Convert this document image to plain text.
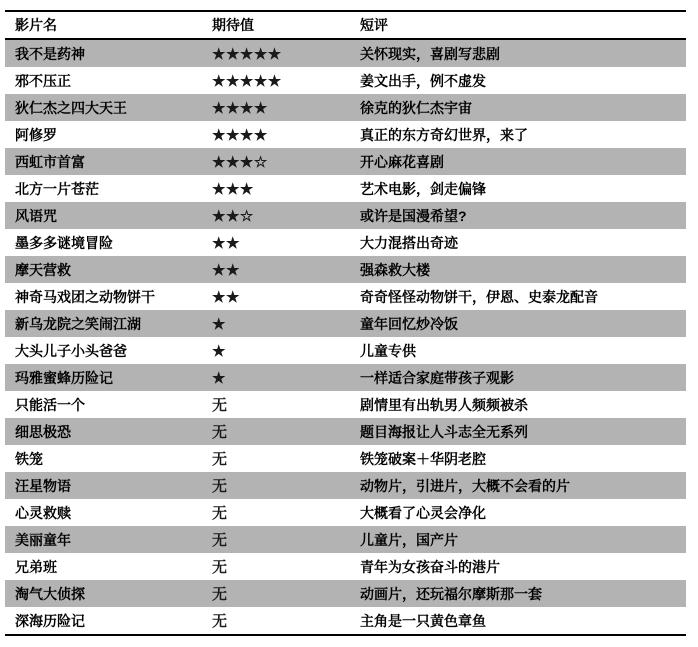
影片名	期待值	短评
我不是药神	★★★★★	关怀现实，喜剧写悲剧
邪不压正	★★★★★	姜文出手，例不虚发
狄仁杰之四大天王	★★★★	徐克的狄仁杰宇宙
阿修罗	★★★★	真正的东方奇幻世界，来了
西虹市首富	★★★☆	开心麻花喜剧
北方一片苍茫	★★★	艺术电影，剑走偏锋
风语咒	★★☆	或许是国漫希望?
墨多多谜境冒险	★★	大力混搭出奇迹
摩天营救	★★	强森救大楼
神奇马戏团之动物饼干	★★	奇奇怪怪动物饼干，伊恩、史泰龙配音
新乌龙院之笑闹江湖	★	童年回忆炒冷饭
大头儿子小头爸爸	★	儿童专供
玛雅蜜蜂历险记	★	一样适合家庭带孩子观影
只能活一个	无	剧情里有出轨男人频频被杀
细思极恐	无	题目海报让人斗志全无系列
铁笼	无	铁笼破案＋华阴老腔
汪星物语	无	动物片，引进片，大概不会看的片
心灵救赎	无	大概看了心灵会净化
美丽童年	无	儿童片，国产片
兄弟班	无	青年为女孩奋斗的港片
淘气大侦探	无	动画片，还玩福尔摩斯那一套
深海历险记	无	主角是一只黄色章鱼
